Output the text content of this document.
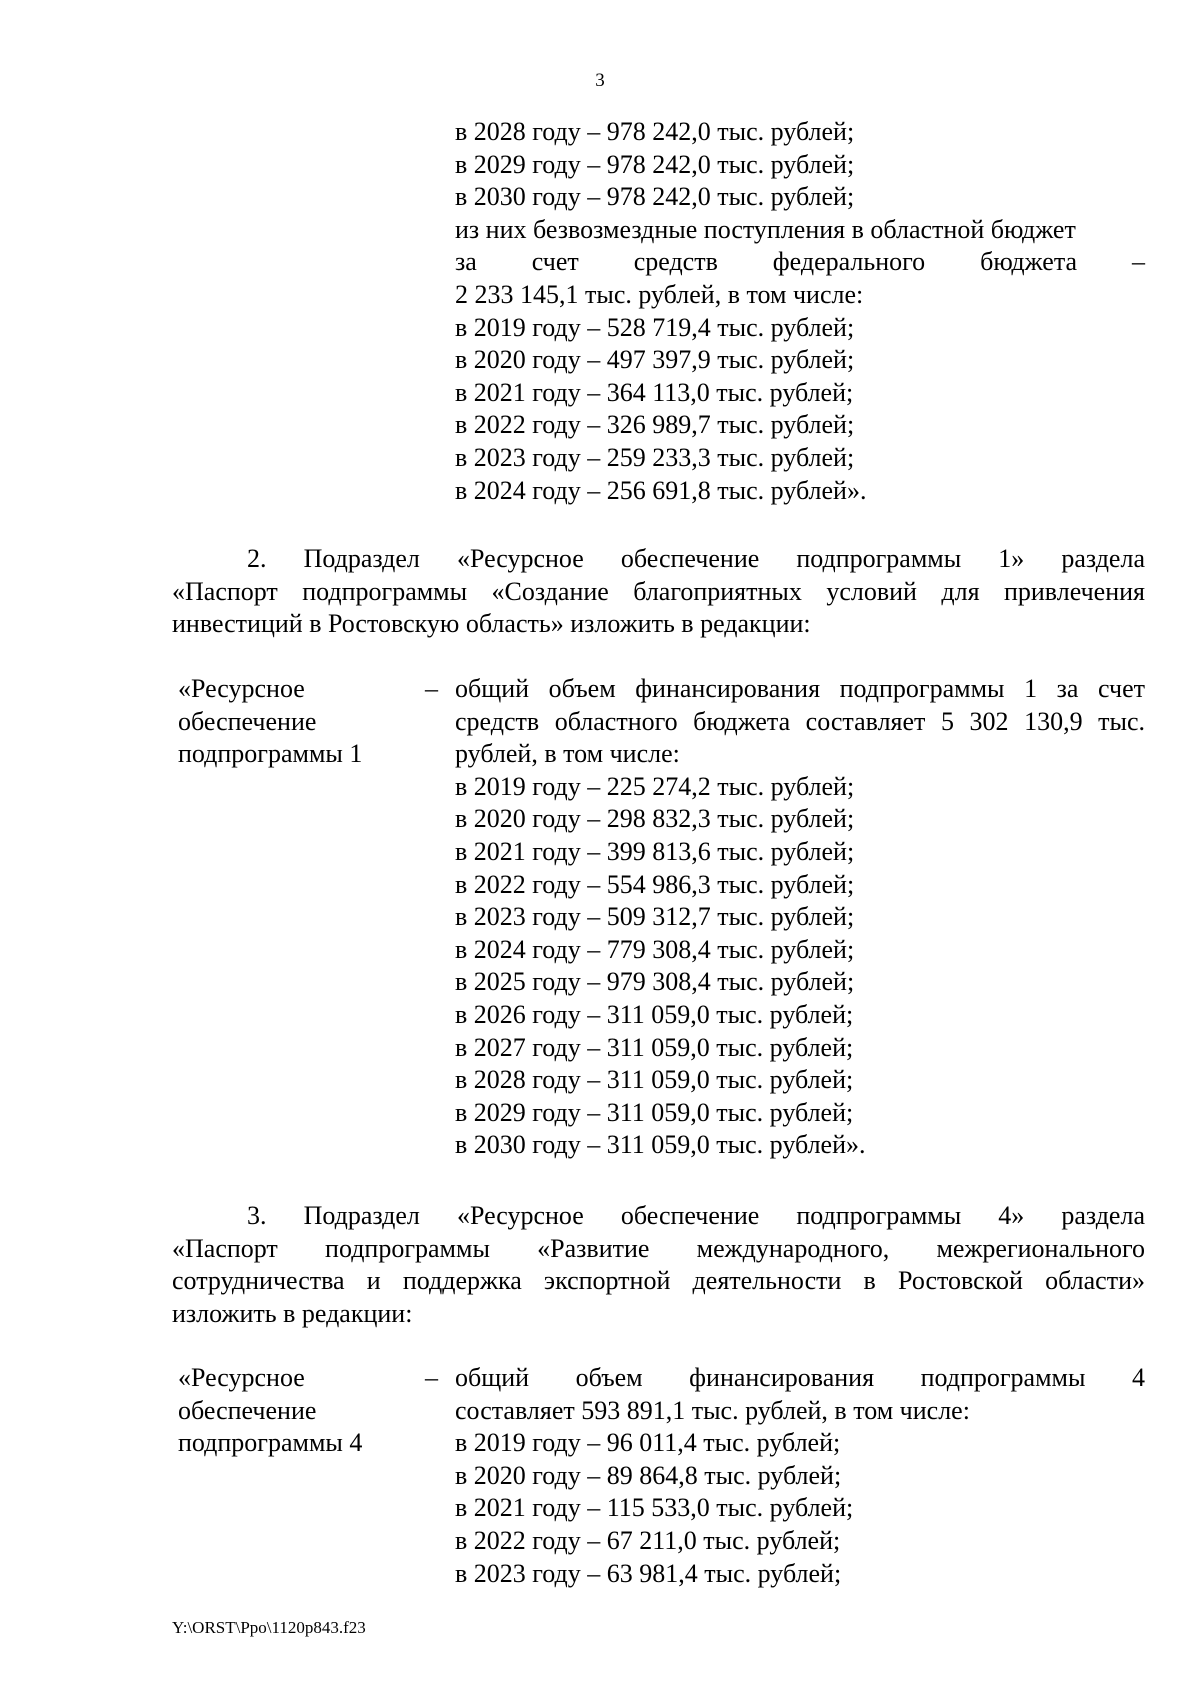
3
в 2028 году – 978 242,0 тыс. рублей;
в 2029 году – 978 242,0 тыс. рублей;
в 2030 году – 978 242,0 тыс. рублей;
из них безвозмездные поступления в областной бюджет
за счет средств федерального бюджета –
2 233 145,1 тыс. рублей, в том числе:
в 2019 году – 528 719,4 тыс. рублей;
в 2020 году – 497 397,9 тыс. рублей;
в 2021 году – 364 113,0 тыс. рублей;
в 2022 году – 326 989,7 тыс. рублей;
в 2023 году – 259 233,3 тыс. рублей;
в 2024 году – 256 691,8 тыс. рублей».
2. Подраздел «Ресурсное обеспечение подпрограммы 1» раздела
«Паспорт подпрограммы «Создание благоприятных условий для привлечения
инвестиций в Ростовскую область» изложить в редакции:
«Ресурсное
обеспечение
подпрограммы 1
– общий объем финансирования подпрограммы 1 за счет
средств областного бюджета составляет 5 302 130,9 тыс.
рублей, в том числе:
в 2019 году – 225 274,2 тыс. рублей;
в 2020 году – 298 832,3 тыс. рублей;
в 2021 году – 399 813,6 тыс. рублей;
в 2022 году – 554 986,3 тыс. рублей;
в 2023 году – 509 312,7 тыс. рублей;
в 2024 году – 779 308,4 тыс. рублей;
в 2025 году – 979 308,4 тыс. рублей;
в 2026 году – 311 059,0 тыс. рублей;
в 2027 году – 311 059,0 тыс. рублей;
в 2028 году – 311 059,0 тыс. рублей;
в 2029 году – 311 059,0 тыс. рублей;
в 2030 году – 311 059,0 тыс. рублей».
3. Подраздел «Ресурсное обеспечение подпрограммы 4» раздела
«Паспорт подпрограммы «Развитие международного, межрегионального
сотрудничества и поддержка экспортной деятельности в Ростовской области»
изложить в редакции:
«Ресурсное
обеспечение
подпрограммы 4
– общий объем финансирования подпрограммы 4
составляет 593 891,1 тыс. рублей, в том числе:
в 2019 году – 96 011,4 тыс. рублей;
в 2020 году – 89 864,8 тыс. рублей;
в 2021 году – 115 533,0 тыс. рублей;
в 2022 году – 67 211,0 тыс. рублей;
в 2023 году – 63 981,4 тыс. рублей;
Y:\ORST\Ppo\1120p843.f23
